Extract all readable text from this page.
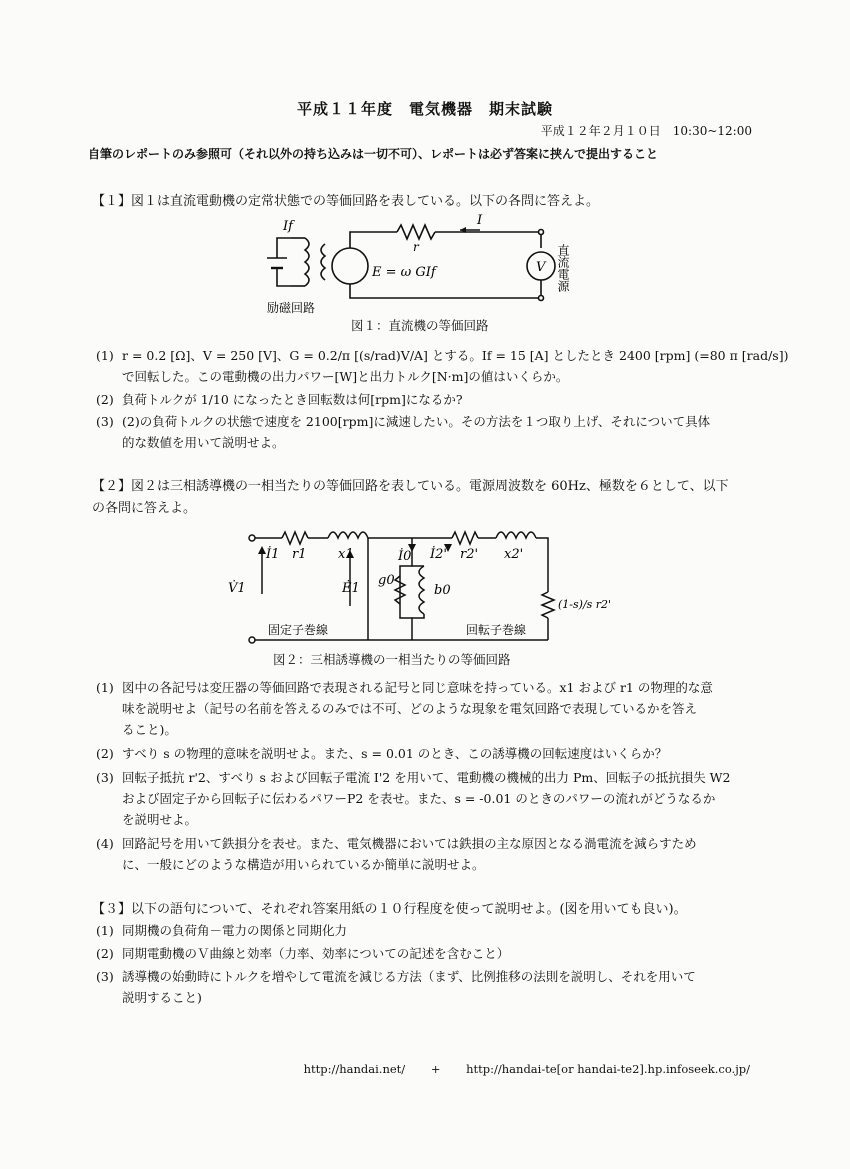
平成１１年度　電気機器　期末試験
平成１２年２月１０日　10:30~12:00
自筆のレポートのみ参照可（それ以外の持ち込みは一切不可）、レポートは必ず答案に挟んで提出すること
【１】図１は直流電動機の定常状態での等価回路を表している。以下の各問に答えよ。
If	I
r
E = ω GIf	V
励磁回路
直流電源
図１：直流機の等価回路
(1) r = 0.2 [Ω]、V = 250 [V]、G = 0.2/π [(s/rad)V/A] とする。If = 15 [A] としたとき 2400 [rpm] (=80 π [rad/s])
で回転した。この電動機の出力パワー[W]と出力トルク[N·m]の値はいくらか。
(2) 負荷トルクが 1/10 になったとき回転数は何[rpm]になるか?
(3) (2)の負荷トルクの状態で速度を 2100[rpm]に減速したい。その方法を１つ取り上げ、それについて具体
的な数値を用いて説明せよ。
【２】図２は三相誘導機の一相当たりの等価回路を表している。電源周波数を 60Hz、極数を６として、以下
の各問に答えよ。
İ1 r1 x1	İ0 İ2' r2' x2'
V̇1	Ė1
g0
b0
(1-s)/s r2'
固定子巻線	回転子巻線
図２：三相誘導機の一相当たりの等価回路
(1) 図中の各記号は変圧器の等価回路で表現される記号と同じ意味を持っている。x1 および r1 の物理的な意
味を説明せよ（記号の名前を答えるのみでは不可、どのような現象を電気回路で表現しているかを答え
ること)。
(2) すべり s の物理的意味を説明せよ。また、s = 0.01 のとき、この誘導機の回転速度はいくらか？
(3) 回転子抵抗 r'2、すべり s および回転子電流 I'2 を用いて、電動機の機械的出力 Pm、回転子の抵抗損失 W2
および固定子から回転子に伝わるパワーP2 を表せ。また、s = -0.01 のときのパワーの流れがどうなるか
を説明せよ。
(4) 回路記号を用いて鉄損分を表せ。また、電気機器においては鉄損の主な原因となる渦電流を減らすため
に、一般にどのような構造が用いられているか簡単に説明せよ。
【３】以下の語句について、それぞれ答案用紙の１０行程度を使って説明せよ。(図を用いても良い)。
(1) 同期機の負荷角－電力の関係と同期化力
(2) 同期電動機のＶ曲線と効率（力率、効率についての記述を含むこと）
(3) 誘導機の始動時にトルクを増やして電流を減じる方法（まず、比例推移の法則を説明し、それを用いて
説明すること)
http://handai.net/ + http://handai-te[or handai-te2].hp.infoseek.co.jp/
